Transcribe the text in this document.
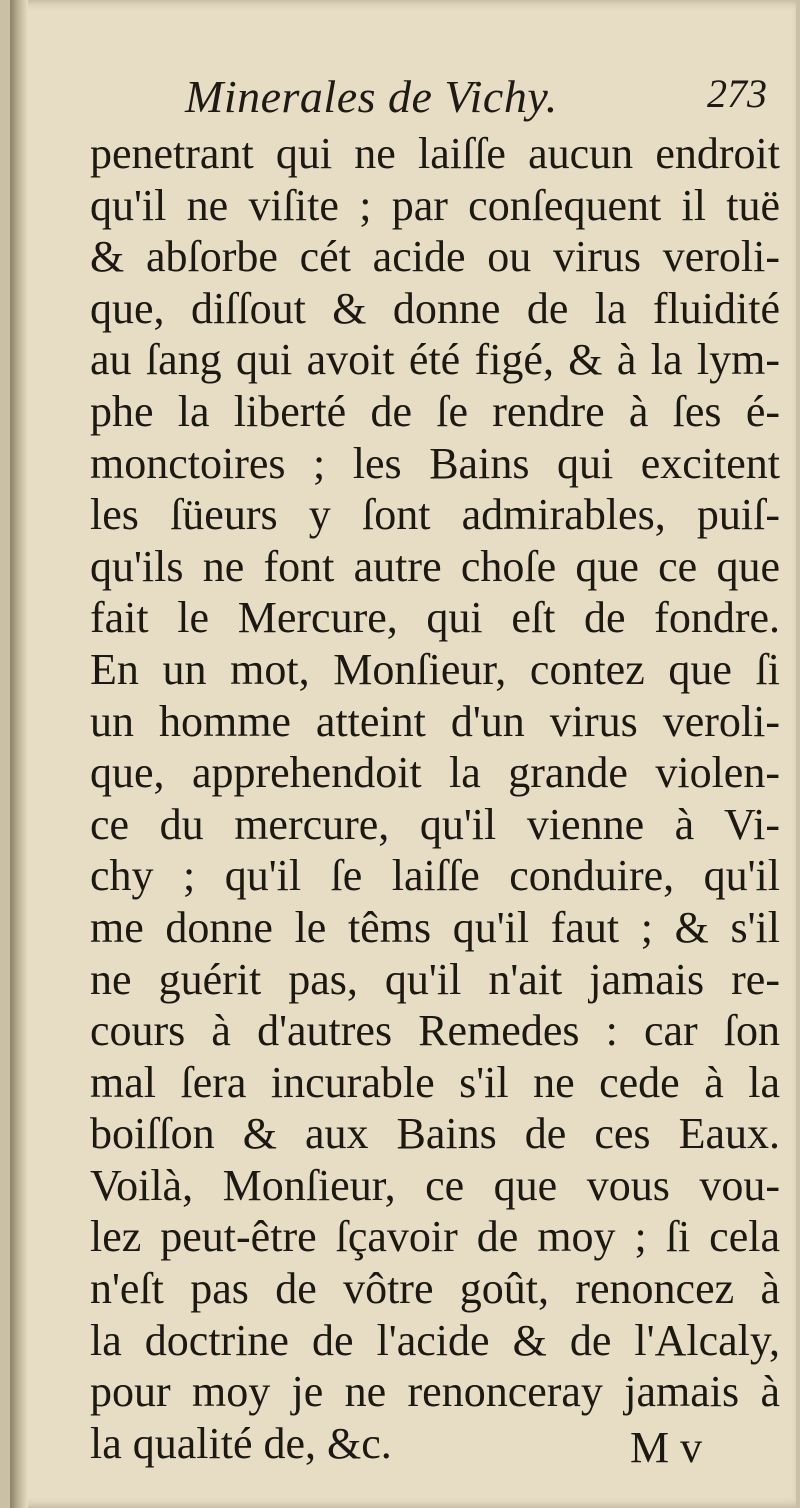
Minerales de Vichy.	273
penetrant qui ne laiſſe aucun endroit
qu'il ne viſite ; par conſequent il tuë
& abſorbe cét acide ou virus veroli-
que, diſſout & donne de la fluidité
au ſang qui avoit été figé, & à la lym-
phe la liberté de ſe rendre à ſes é-
monctoires ; les Bains qui excitent
les ſüeurs y ſont admirables, puiſ-
qu'ils ne font autre choſe que ce que
fait le Mercure, qui eſt de fondre.
En un mot, Monſieur, contez que ſi
un homme atteint d'un virus veroli-
que, apprehendoit la grande violen-
ce du mercure, qu'il vienne à Vi-
chy ; qu'il ſe laiſſe conduire, qu'il
me donne le têms qu'il faut ; & s'il
ne guérit pas, qu'il n'ait jamais re-
cours à d'autres Remedes : car ſon
mal ſera incurable s'il ne cede à la
boiſſon & aux Bains de ces Eaux.
Voilà, Monſieur, ce que vous vou-
lez peut-être ſçavoir de moy ; ſi cela
n'eſt pas de vôtre goût, renoncez à
la doctrine de l'acide & de l'Alcaly,
pour moy je ne renonceray jamais à
la qualité de, &c.	M v
